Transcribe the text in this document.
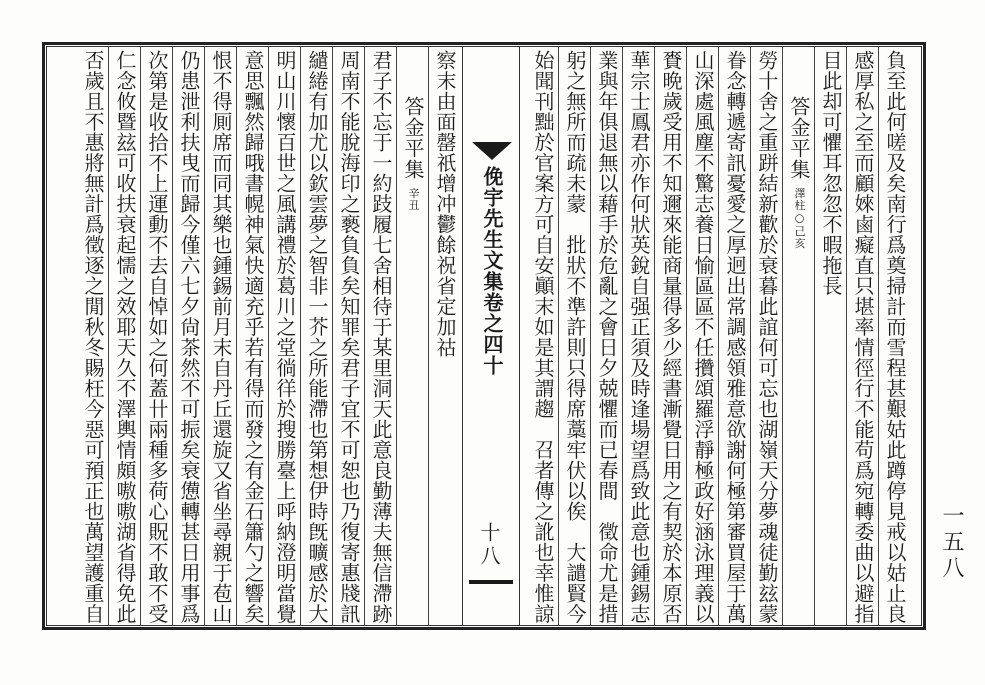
負至此何嗟及矣南行爲奠掃計而雪程甚艱姑此蹲停見戒以姑止良
感厚私之至而顧婡鹵癡直只堪率情徑行不能苟爲宛轉委曲以避指
目此却可懼耳忽忽不暇拖長
答金平集 澤柱○己亥
勞十舍之重跰結新歡於衰暮此誼何可忘也湖嶺天分夢魂徒勤玆蒙
眷念轉遞寄訊憂愛之厚迥出常調感領雅意欲謝何極第審買屋于萬
山深處風塵不驚志養日愉區區不任攢頌羅浮靜極政好涵泳理義以
賚晩歲受用不知邇來能商量得多少經書漸覺日用之有契於本原否
華宗士鳳君亦作何狀英銳自强正須及時逢場望爲致此意也鍾錫志
業與年俱退無以藉手於危亂之會日夕兢懼而已春間　徵命尤是措
躬之無所而疏未蒙　批狀不準許則只得席藁牢伏以俟　大譴賢今
始聞刊黜於官案方可自安顚末如是其謂趨　召者傳之訛也幸惟諒
俛宇先生文集卷之四十
十八
察末由面罄祇增冲鬱餘祝省定加祜
答金平集 辛丑
君子不忘于一約跂履七舍相待于某里洞天此意良勤薄夫無信滯跡
周南不能脫海印之褻負負矣知罪矣君子宜不可恕也乃復寄惠牋訊
繾綣有加尤以欽雲夢之智非一芥之所能滯也第想伊時旣曠感於大
明山川懷百世之風講禮於葛川之堂徜徉於搜勝臺上呼納澄明當覺
意思飄然歸哦書幌神氣快適充乎若有得而發之有金石簫勺之響矣
恨不得厠席而同其樂也鍾錫前月末自丹丘還旋又省坐尋親于苞山
仍患泄利扶曳而歸今僅六七夕尙茶然不可振矣衰憊轉甚日用事爲
次第是收拾不上運動不去自悼如之何蓋卄兩種多荷心貺不敢不受
仁念攸暨玆可收扶衰起懦之效耶天久不澤輿情頗嗷嗷湖省得免此
否歲且不惠將無計爲徵逐之閒秋冬賜枉今惡可預正也萬望護重自	一五八
